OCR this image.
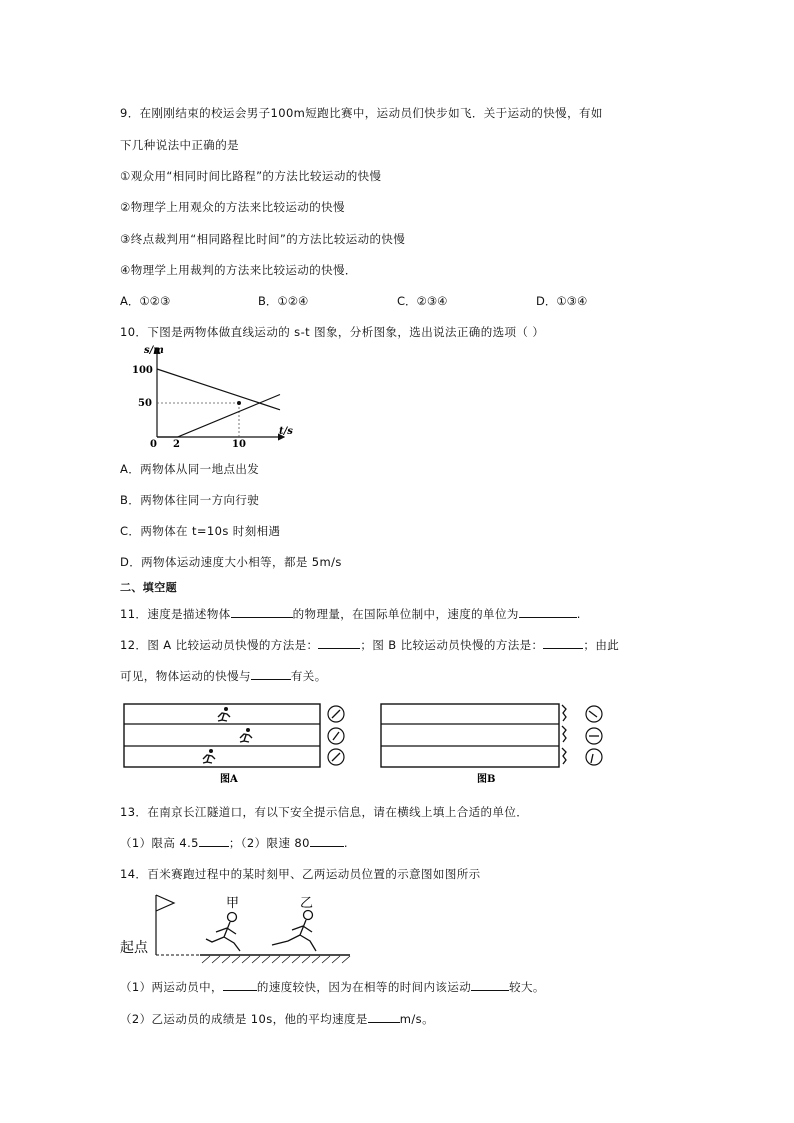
9．在刚刚结束的校运会男子100m短跑比赛中，运动员们快步如飞．关于运动的快慢，有如
下几种说法中正确的是
①观众用“相同时间比路程”的方法比较运动的快慢
②物理学上用观众的方法来比较运动的快慢
③终点裁判用“相同路程比时间”的方法比较运动的快慢
④物理学上用裁判的方法来比较运动的快慢．
A．①②③	B．①②④	C．②③④	D．①③④
10．下图是两物体做直线运动的 s-t 图象，分析图象，选出说法正确的选项（ ）
s/m
t/s
100
50
0 2	10
A．两物体从同一地点出发
B．两物体往同一方向行驶
C．两物体在 t=10s 时刻相遇
D．两物体运动速度大小相等，都是 5m/s
二、填空题
11．速度是描述物体	的物理量，在国际单位制中，速度的单位为	.
12．图 A 比较运动员快慢的方法是：	；图 B 比较运动员快慢的方法是：	；由此
可见，物体运动的快慢与	有关。
图A	图B
13．在南京长江隧道口，有以下安全提示信息，请在横线上填上合适的单位．
（1）限高 4.5	；（2）限速 80	.
14．百米赛跑过程中的某时刻甲、乙两运动员位置的示意图如图所示
起点
甲	乙
（1）两运动员中，	的速度较快，因为在相等的时间内该运动	较大。
（2）乙运动员的成绩是 10s，他的平均速度是	m/s。
